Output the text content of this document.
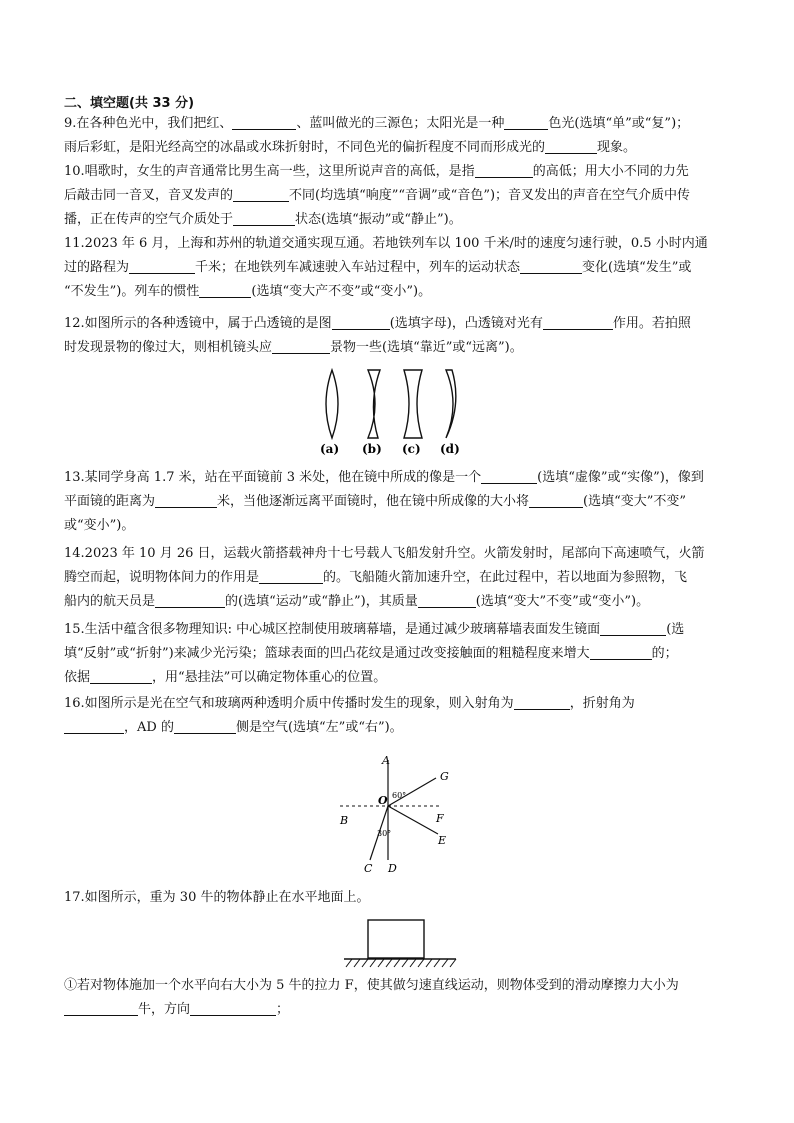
二、填空题(共 33 分)
9.在各种色光中，我们把红、	、蓝叫做光的三源色；太阳光是一种	色光(选填“单”或“复”)；
雨后彩虹，是阳光经高空的冰晶或水珠折射时，不同色光的偏折程度不同而形成光的	现象。
10.唱歌时，女生的声音通常比男生高一些，这里所说声音的高低，是指	的高低；用大小不同的力先
后敲击同一音叉，音叉发声的	不同(均选填“响度”“音调”或“音色”)；音叉发出的声音在空气介质中传
播，正在传声的空气介质处于	状态(选填“振动”或“静止”)。
11.2023 年 6 月，上海和苏州的轨道交通实现互通。若地铁列车以 100 千米/时的速度匀速行驶，0.5 小时内通
过的路程为	千米；在地铁列车减速驶入车站过程中，列车的运动状态	变化(选填“发生”或
“不发生”)。列车的惯性	(选填“变大产不变”或“变小”)。
12.如图所示的各种透镜中，属于凸透镜的是图	(选填字母)，凸透镜对光有	作用。若拍照
时发现景物的像过大，则相机镜头应	景物一些(选填“靠近”或“远离”)。
(a) (b) (c) (d)
13.某同学身高 1.7 米，站在平面镜前 3 米处，他在镜中所成的像是一个	(选填“虚像”或“实像”)，像到
平面镜的距离为	米，当他逐渐远离平面镜时，他在镜中所成像的大小将	(选填“变大”不变”
或“变小”)。
14.2023 年 10 月 26 日，运载火箭搭载神舟十七号载人飞船发射升空。火箭发射时，尾部向下高速喷气，火箭
腾空而起，说明物体间力的作用是	的。飞船随火箭加速升空，在此过程中，若以地面为参照物，飞
船内的航天员是	的(选填“运动”或“静止”)，其质量	(选填“变大”不变”或“变小”)。
15.生活中蕴含很多物理知识: 中心城区控制使用玻璃幕墙，是通过减少玻璃幕墙表面发生镜面	(选
填“反射”或“折射”)来减少光污染；篮球表面的凹凸花纹是通过改变接触面的粗糙程度来增大	的；
依据	，用“悬挂法”可以确定物体重心的位置。
16.如图所示是光在空气和玻璃两种透明介质中传播时发生的现象，则入射角为	，折射角为
，AD 的	侧是空气(选填“左”或“右”)。
A
B
C D
E
F
G
O 60°
30°
17.如图所示，重为 30 牛的物体静止在水平地面上。
①若对物体施加一个水平向右大小为 5 牛的拉力 F，使其做匀速直线运动，则物体受到的滑动摩擦力大小为
牛，方向	；
